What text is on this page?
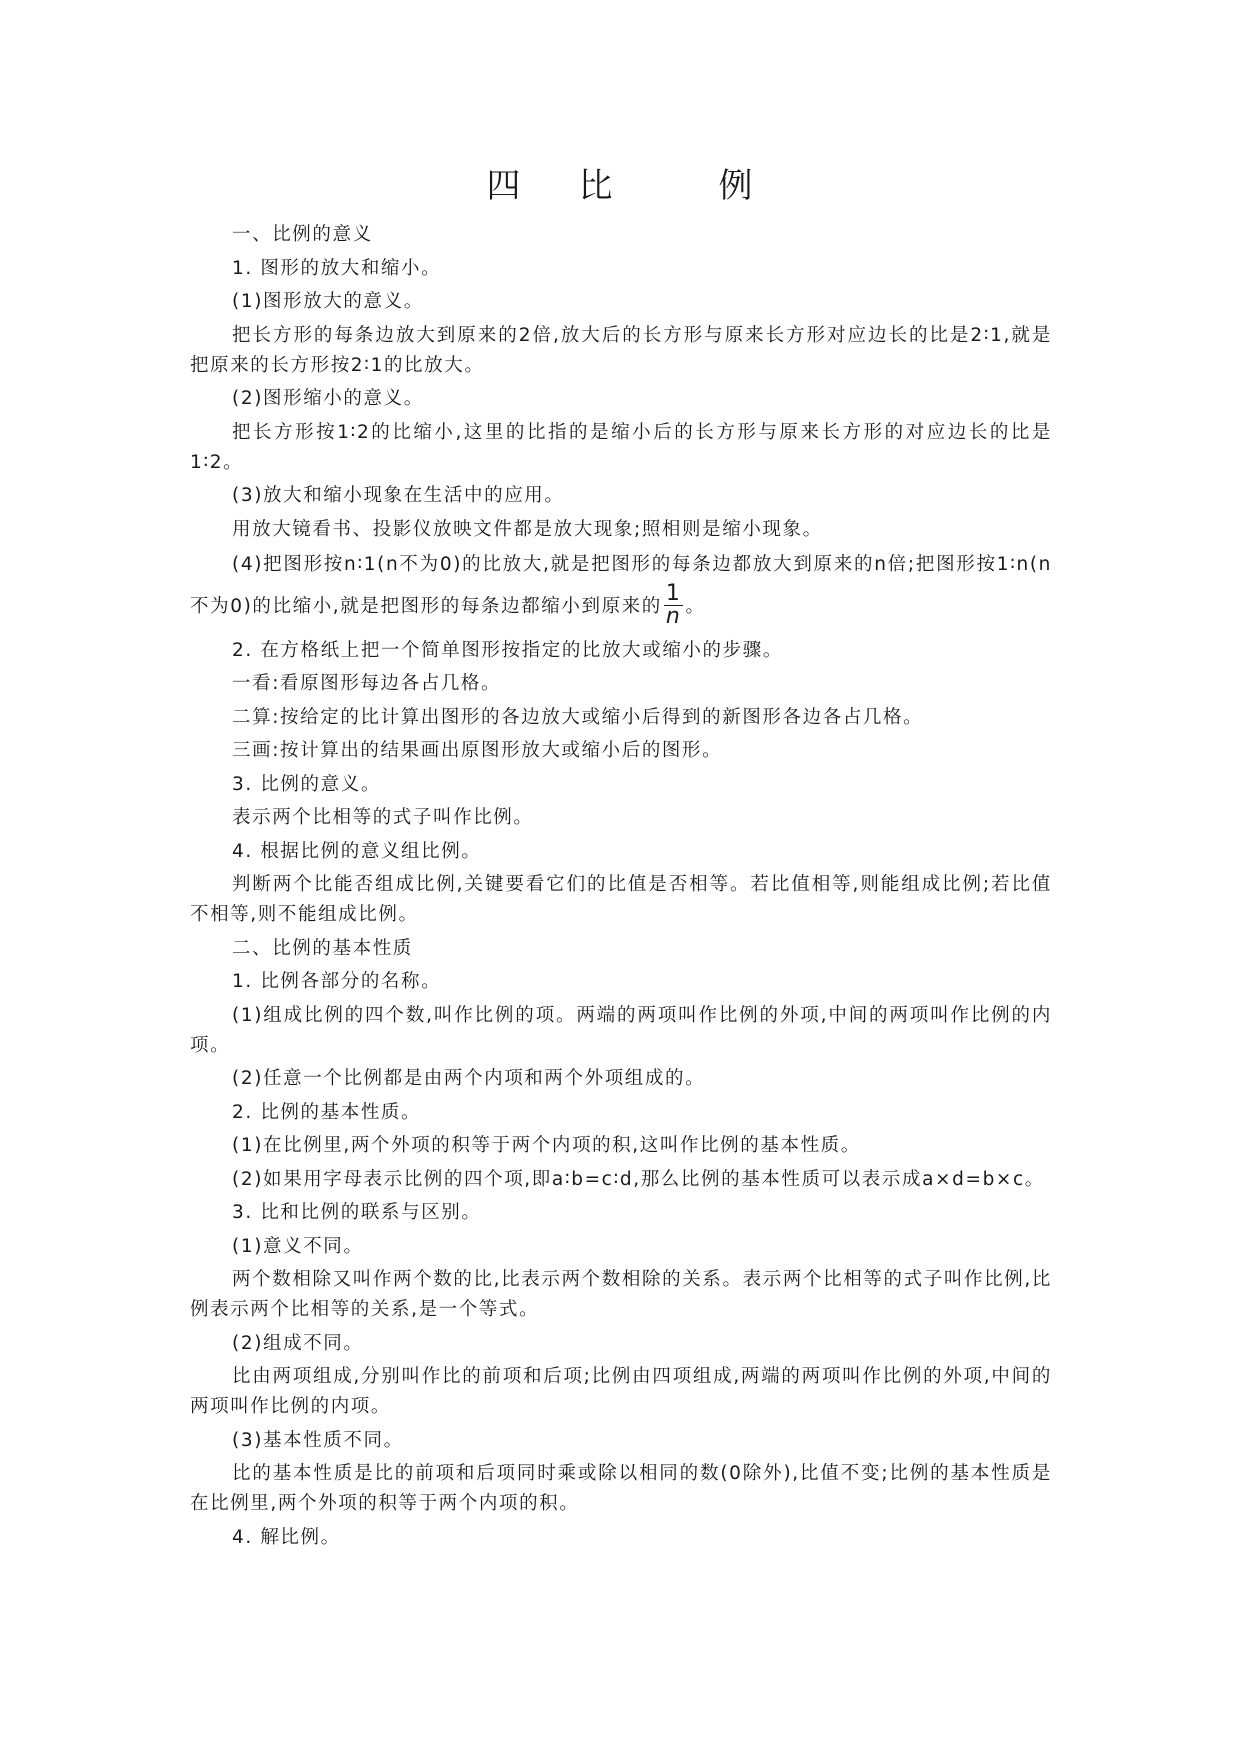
四 比	例
一、比例的意义
1. 图形的放大和缩小。
(1)图形放大的意义。
把长方形的每条边放大到原来的2倍,放大后的长方形与原来长方形对应边长的比是2∶1,就是把原来的长方形按2∶1的比放大。
(2)图形缩小的意义。
把长方形按1∶2的比缩小,这里的比指的是缩小后的长方形与原来长方形的对应边长的比是1∶2。
(3)放大和缩小现象在生活中的应用。
用放大镜看书、投影仪放映文件都是放大现象;照相则是缩小现象。
(4)把图形按n∶1(n不为0)的比放大,就是把图形的每条边都放大到原来的n倍;把图形按1∶n(n不为0)的比缩小,就是把图形的每条边都缩小到原来的 $\frac{1}{n}$ 。
2. 在方格纸上把一个简单图形按指定的比放大或缩小的步骤。
一看:看原图形每边各占几格。
二算:按给定的比计算出图形的各边放大或缩小后得到的新图形各边各占几格。
三画:按计算出的结果画出原图形放大或缩小后的图形。
3. 比例的意义。
表示两个比相等的式子叫作比例。
4. 根据比例的意义组比例。
判断两个比能否组成比例,关键要看它们的比值是否相等。若比值相等,则能组成比例;若比值不相等,则不能组成比例。
二、比例的基本性质
1. 比例各部分的名称。
(1)组成比例的四个数,叫作比例的项。两端的两项叫作比例的外项,中间的两项叫作比例的内项。
(2)任意一个比例都是由两个内项和两个外项组成的。
2. 比例的基本性质。
(1)在比例里,两个外项的积等于两个内项的积,这叫作比例的基本性质。
(2)如果用字母表示比例的四个项,即a∶b=c∶d,那么比例的基本性质可以表示成a×d=b×c。
3. 比和比例的联系与区别。
(1)意义不同。
两个数相除又叫作两个数的比,比表示两个数相除的关系。表示两个比相等的式子叫作比例,比例表示两个比相等的关系,是一个等式。
(2)组成不同。
比由两项组成,分别叫作比的前项和后项;比例由四项组成,两端的两项叫作比例的外项,中间的两项叫作比例的内项。
(3)基本性质不同。
比的基本性质是比的前项和后项同时乘或除以相同的数(0除外),比值不变;比例的基本性质是在比例里,两个外项的积等于两个内项的积。
4. 解比例。
